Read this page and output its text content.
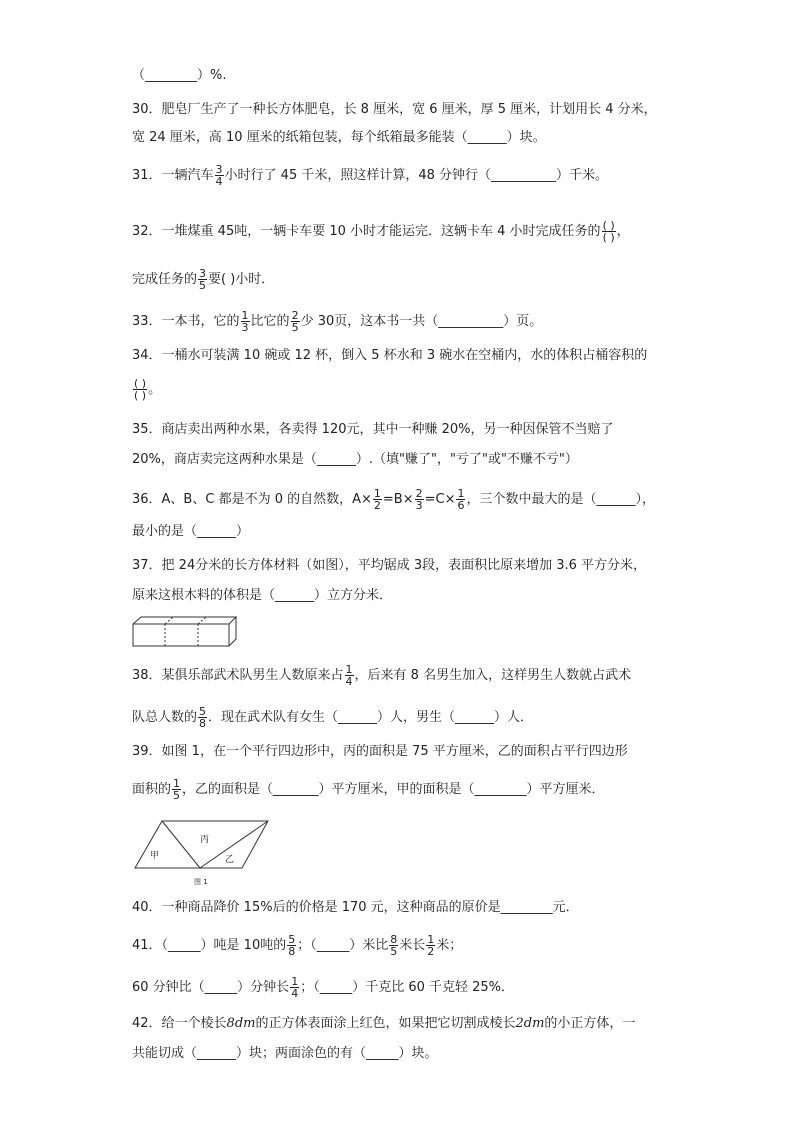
（________）%.
30．肥皂厂生产了一种长方体肥皂，长 8 厘米，宽 6 厘米，厚 5 厘米，计划用长 4 分米，
宽 24 厘米，高 10 厘米的纸箱包装，每个纸箱最多能装（______）块。
31．一辆汽车 $\frac{3}{4}$ 小时行了 45 千米，照这样计算，48 分钟行（__________）千米。
32．一堆煤重 45吨，一辆卡车要 10 小时才能运完．这辆卡车 4 小时完成任务的 $\frac{( )}{( )}$ ，
完成任务的 $\frac{3}{5}$ 要( )小时．
33．一本书，它的 $\frac{1}{3}$ 比它的 $\frac{2}{5}$ 少 30页，这本书一共（__________）页。
34．一桶水可装满 10 碗或 12 杯，倒入 5 杯水和 3 碗水在空桶内，水的体积占桶容积的
$\frac{( )}{( )}$ 。
35．商店卖出两种水果，各卖得 120元，其中一种赚 20%，另一种因保管不当赔了
20%，商店卖完这两种水果是（______）.（填"赚了"，"亏了"或"不赚不亏"）
36．A、B、C 都是不为 0 的自然数，$A\times \frac{1}{2} =B\times \frac{2}{3} =C\times \frac{1}{6}$ ，三个数中最大的是（______），
最小的是（______）
37．把 24分米的长方体材料（如图），平均锯成 3段，表面积比原来增加 3.6 平方分米，
原来这根木料的体积是（______）立方分米．
38．某俱乐部武术队男生人数原来占 $\frac{1}{4}$ ，后来有 8 名男生加入，这样男生人数就占武术
队总人数的 $\frac{5}{8}$ ．现在武术队有女生（______）人，男生（______）人．
39．如图 1，在一个平行四边形中，丙的面积是 75 平方厘米，乙的面积占平行四边形
面积的 $\frac{1}{5}$ ，乙的面积是（_______）平方厘米，甲的面积是（________）平方厘米．
甲
丙
乙
图 1
40．一种商品降价 15%后的价格是 170 元，这种商品的原价是________元．
41．（_____）吨是 10吨的 $\frac{5}{8}$ ；（_____）米比 $\frac{8}{5}$ 米长 $\frac{1}{2}$ 米；
60 分钟比（_____）分钟长 $\frac{1}{4}$ ；（_____）千克比 60 千克轻 25%．
42．给一个棱长8dm的正方体表面涂上红色，如果把它切割成棱长2dm的小正方体，一
共能切成（______）块；两面涂色的有（_____）块。
